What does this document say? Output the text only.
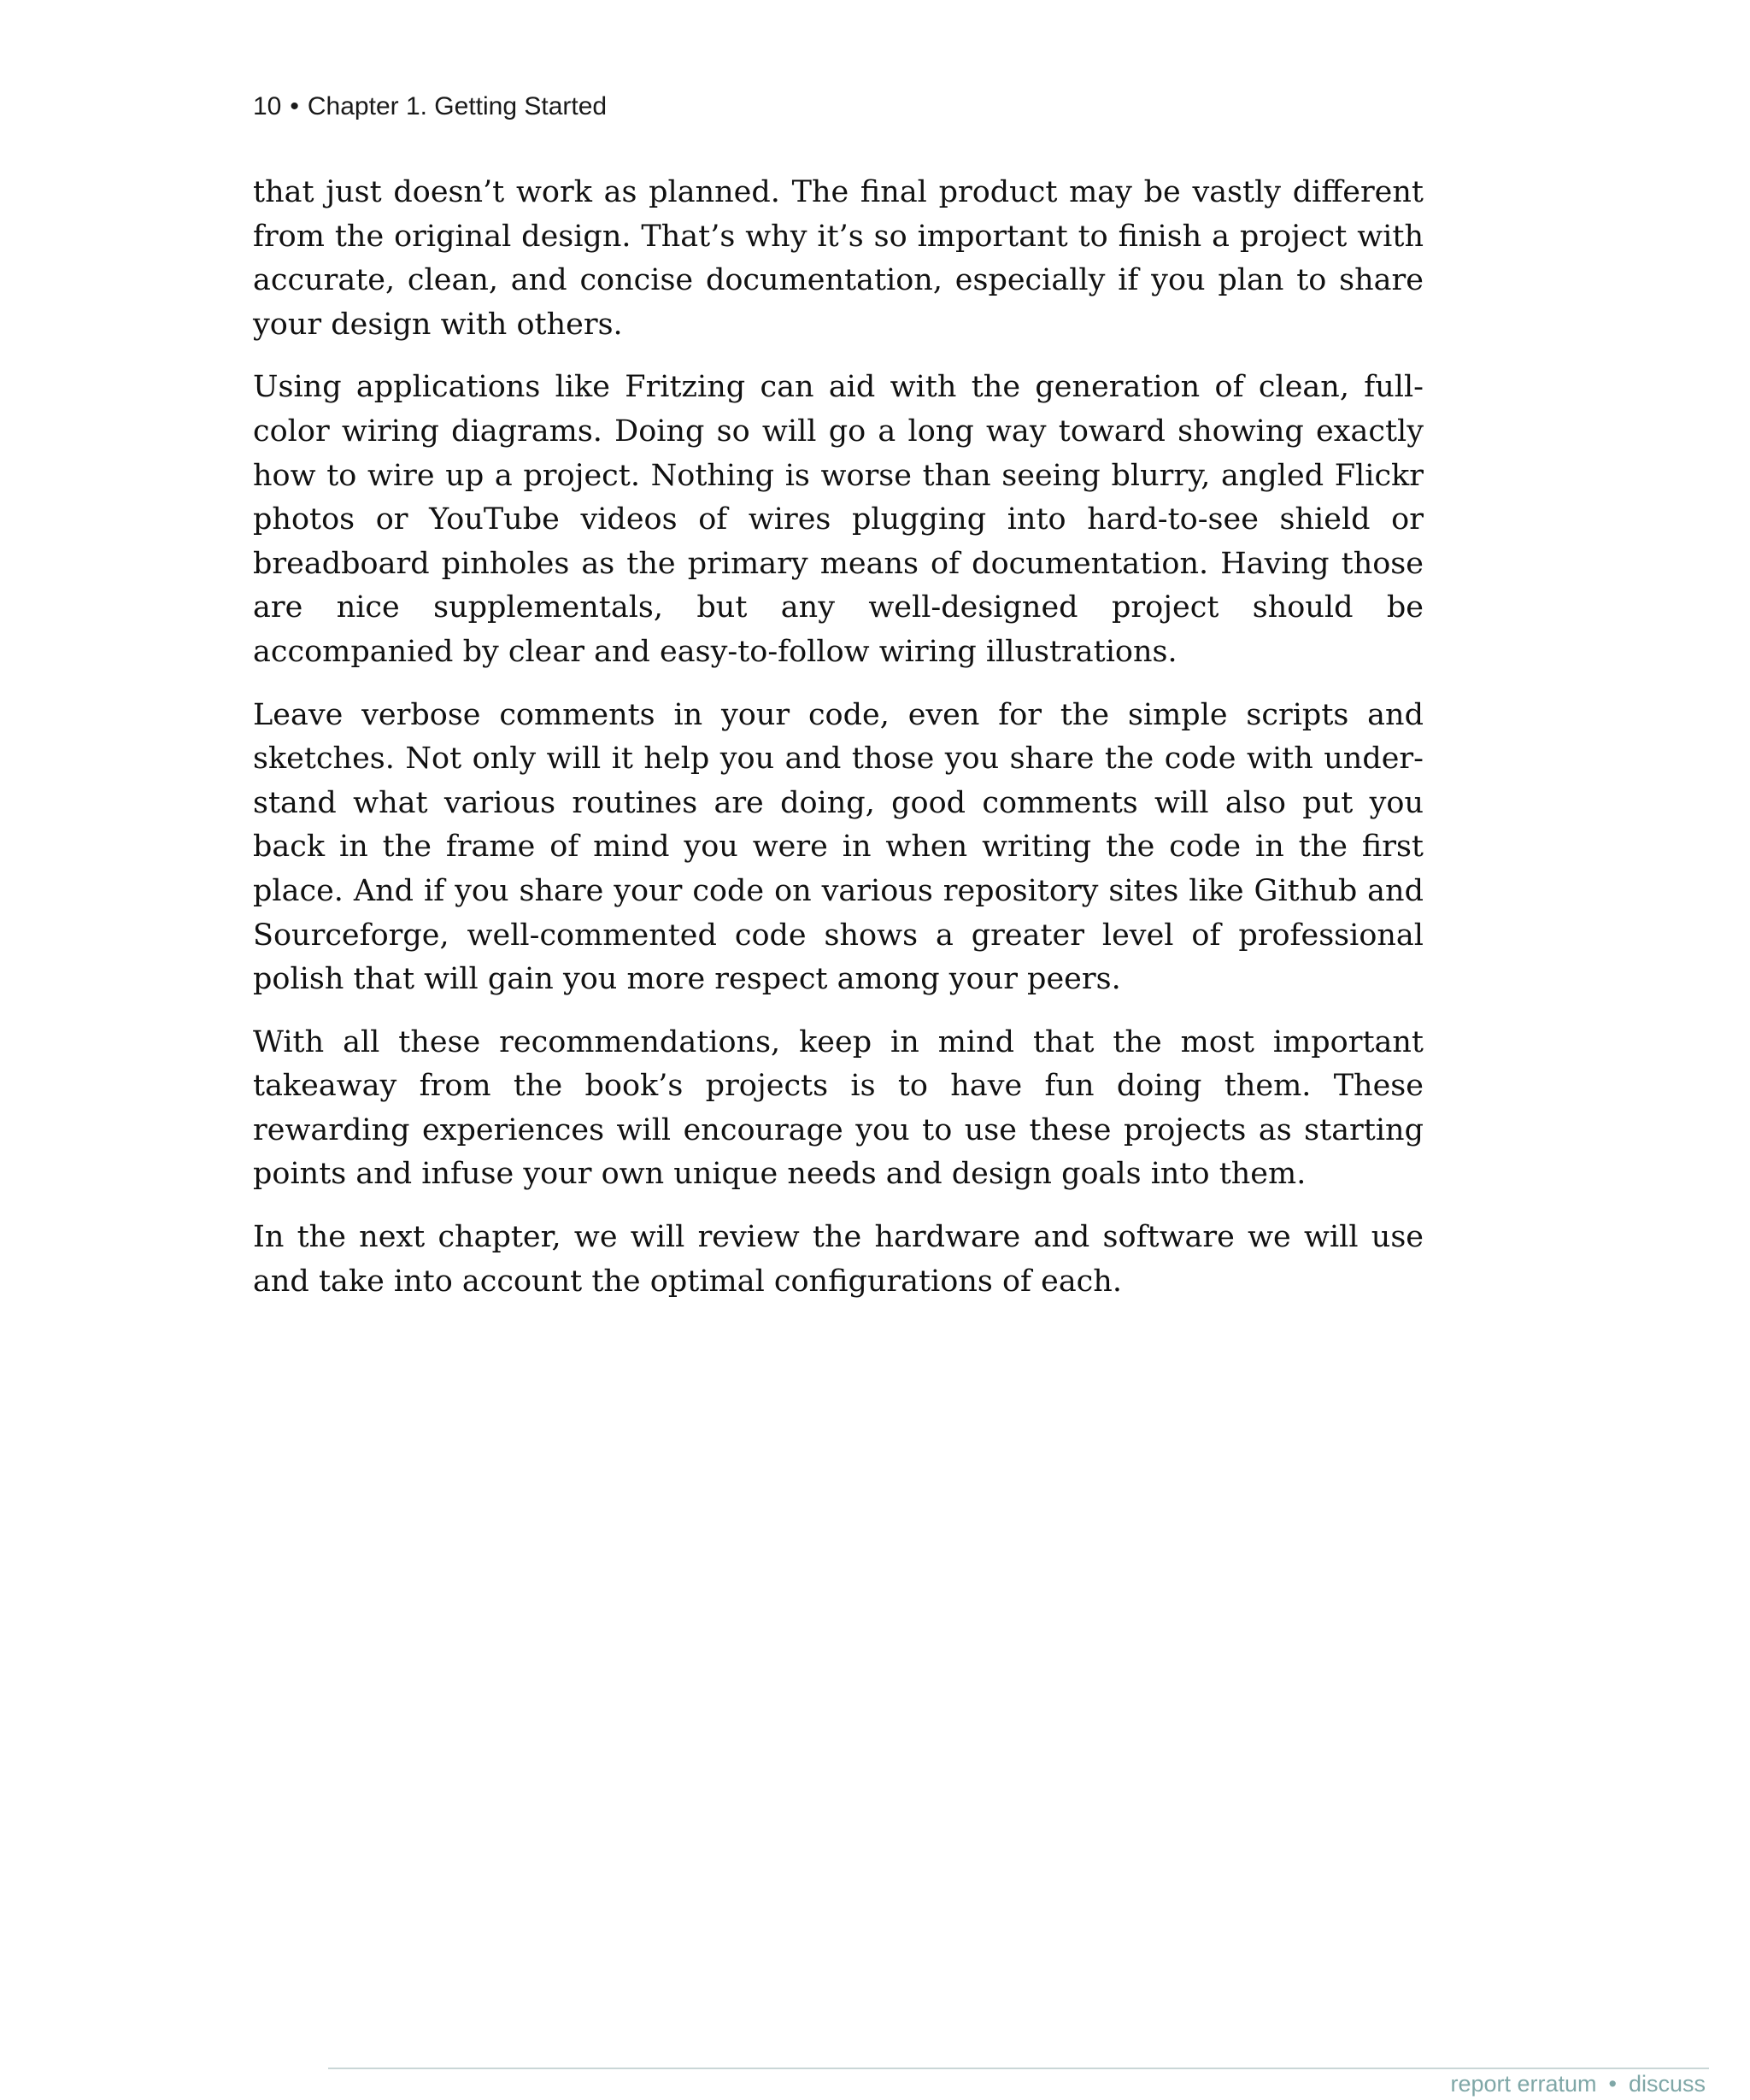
10 • Chapter 1. Getting Started

that just doesn’t work as planned. The final product may be vastly different from the original design. That’s why it’s so important to finish a project with accurate, clean, and concise documentation, especially if you plan to share your design with others.

Using applications like Fritzing can aid with the generation of clean, full-color wiring diagrams. Doing so will go a long way toward showing exactly how to wire up a project. Nothing is worse than seeing blurry, angled Flickr photos or YouTube videos of wires plugging into hard-to-see shield or breadboard pinholes as the primary means of documentation. Having those are nice supplementals, but any well-designed project should be accompanied by clear and easy-to-follow wiring illustrations.

Leave verbose comments in your code, even for the simple scripts and sketches. Not only will it help you and those you share the code with understand what various routines are doing, good comments will also put you back in the frame of mind you were in when writing the code in the first place. And if you share your code on various repository sites like Github and Sourceforge, well-commented code shows a greater level of professional polish that will gain you more respect among your peers.

With all these recommendations, keep in mind that the most important takeaway from the book’s projects is to have fun doing them. These rewarding experiences will encourage you to use these projects as starting points and infuse your own unique needs and design goals into them.

In the next chapter, we will review the hardware and software we will use and take into account the optimal configurations of each.

report erratum • discuss
